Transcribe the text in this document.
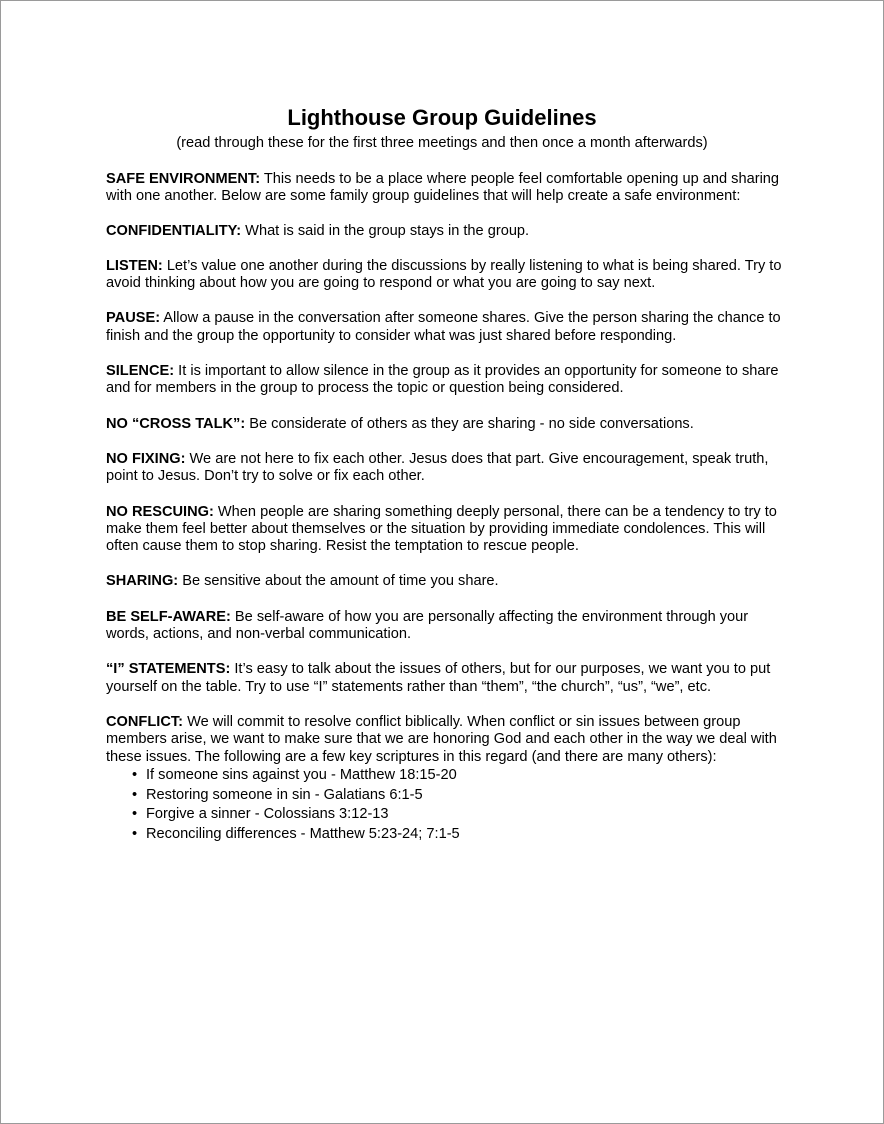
Lighthouse Group Guidelines

(read through these for the first three meetings and then once a month afterwards)

SAFE ENVIRONMENT: This needs to be a place where people feel comfortable opening up and sharing with one another. Below are some family group guidelines that will help create a safe environment:

CONFIDENTIALITY: What is said in the group stays in the group.

LISTEN: Let’s value one another during the discussions by really listening to what is being shared. Try to avoid thinking about how you are going to respond or what you are going to say next.

PAUSE: Allow a pause in the conversation after someone shares. Give the person sharing the chance to finish and the group the opportunity to consider what was just shared before responding.

SILENCE: It is important to allow silence in the group as it provides an opportunity for someone to share and for members in the group to process the topic or question being considered.

NO “CROSS TALK”: Be considerate of others as they are sharing - no side conversations.

NO FIXING: We are not here to fix each other. Jesus does that part. Give encouragement, speak truth, point to Jesus. Don’t try to solve or fix each other.

NO RESCUING: When people are sharing something deeply personal, there can be a tendency to try to make them feel better about themselves or the situation by providing immediate condolences. This will often cause them to stop sharing. Resist the temptation to rescue people.

SHARING: Be sensitive about the amount of time you share.

BE SELF-AWARE: Be self-aware of how you are personally affecting the environment through your words, actions, and non-verbal communication.

“I” STATEMENTS: It’s easy to talk about the issues of others, but for our purposes, we want you to put yourself on the table. Try to use “I” statements rather than “them”, “the church”, “us”, “we”, etc.

CONFLICT: We will commit to resolve conflict biblically. When conflict or sin issues between group members arise, we want to make sure that we are honoring God and each other in the way we deal with these issues. The following are a few key scriptures in this regard (and there are many others):

• If someone sins against you - Matthew 18:15-20
• Restoring someone in sin - Galatians 6:1-5
• Forgive a sinner - Colossians 3:12-13
• Reconciling differences - Matthew 5:23-24; 7:1-5
